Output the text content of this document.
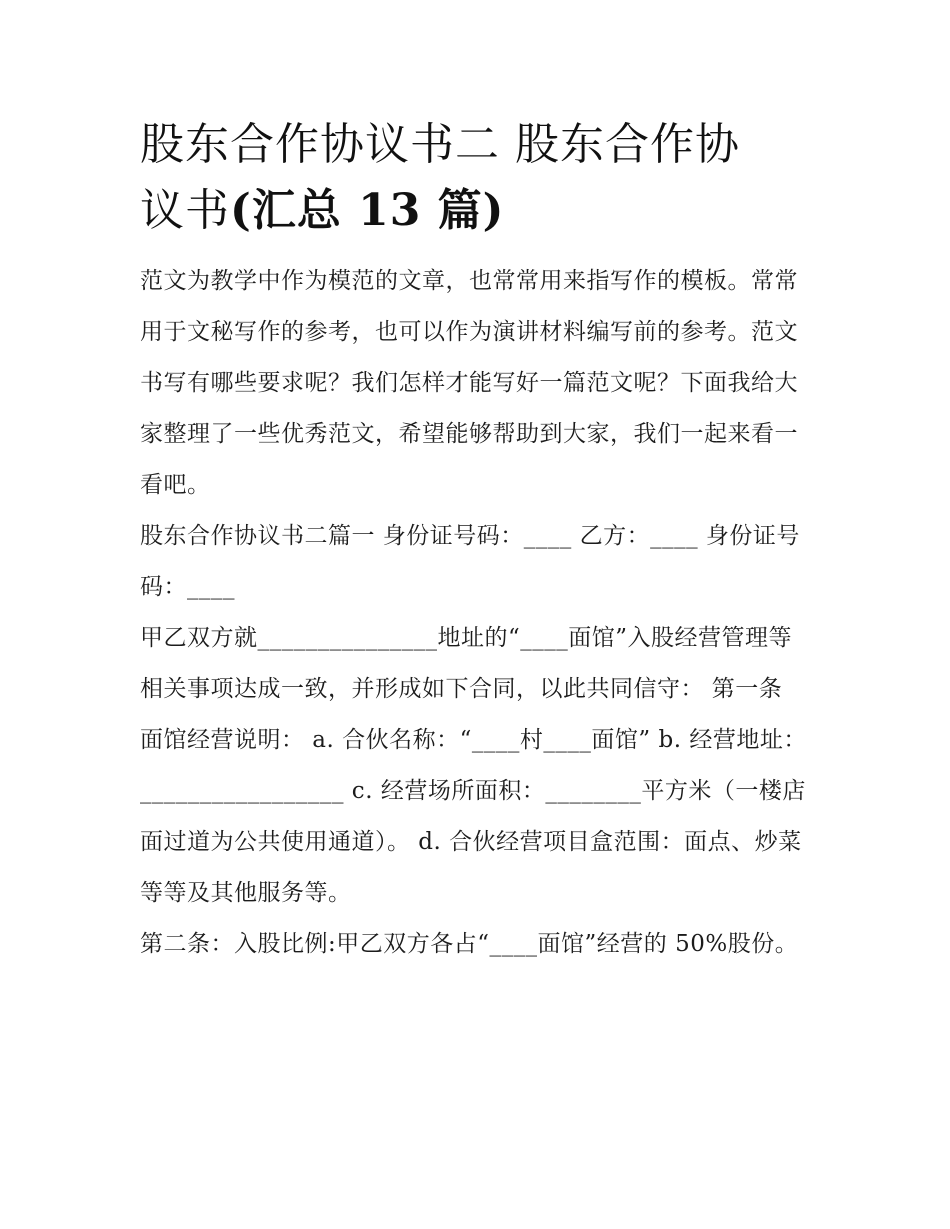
股东合作协议书二 股东合作协
议书(汇总 13 篇)

范文为教学中作为模范的文章，也常常用来指写作的模板。常常用于文秘写作的参考，也可以作为演讲材料编写前的参考。范文书写有哪些要求呢？我们怎样才能写好一篇范文呢？下面我给大家整理了一些优秀范文，希望能够帮助到大家，我们一起来看一看吧。

股东合作协议书二篇一 身份证号码：____ 乙方：____ 身份证号码：____

甲乙双方就_______________地址的“____面馆”入股经营管理等相关事项达成一致，并形成如下合同，以此共同信守： 第一条

面馆经营说明： a. 合伙名称：“____村____面馆” b. 经营地址：_________________ c. 经营场所面积：________平方米（一楼店面过道为公共使用通道）。 d. 合伙经营项目盒范围：面点、炒菜等等及其他服务等。

第二条：入股比例:甲乙双方各占“____面馆”经营的 50%股份。
